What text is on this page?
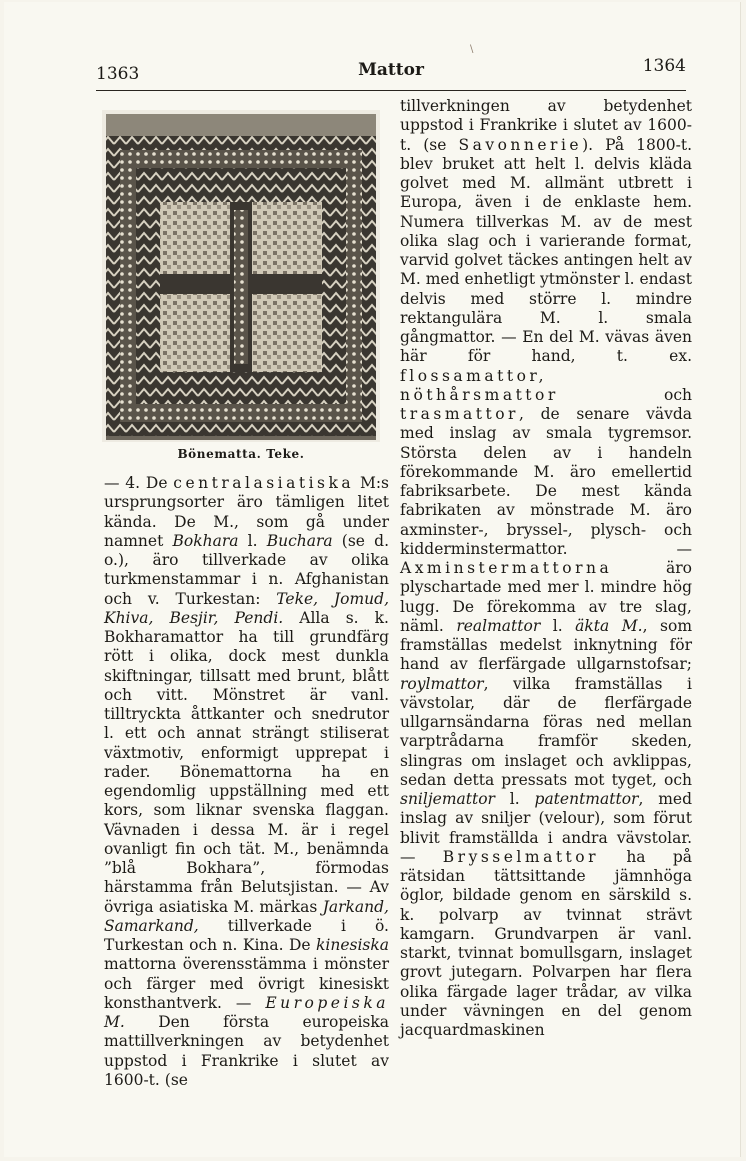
\
1363	Mattor	1364
Bönematta. Teke.

— 4. De centralasiatiska M:s ursprungsorter äro tämligen litet kända. De M., som gå under namnet Bokhara l. Buchara (se d. o.), äro tillverkade av olika turkmenstammar i n. Afghanistan och v. Turkestan: Teke, Jomud, Khiva, Besjir, Pendi. Alla s. k. Bokharamattor ha till grundfärg rött i olika, dock mest dunkla skiftningar, tillsatt med brunt, blått och vitt. Mönstret är vanl. tilltryckta åttkanter och snedrutor l. ett och annat strängt stiliserat växtmotiv, enformigt upprepat i rader. Bönemattorna ha en egendomlig uppställning med ett kors, som liknar svenska flaggan. Vävnaden i dessa M. är i regel ovanligt fin och tät. M., benämnda ”blå Bokhara”, förmodas härstamma från Belutsjistan. — Av övriga asiatiska M. märkas Jarkand, Samarkand, tillverkade i ö. Turkestan och n. Kina. De kinesiska mattorna överensstämma i mönster och färger med övrigt kinesiskt konsthantverk. — Europeiska M. Den första europeiska mattillverkningen av betydenhet uppstod i Frankrike i slutet av 1600-t. (se

tillverkningen av betydenhet uppstod i Frankrike i slutet av 1600-t. (se Savonnerie). På 1800-t. blev bruket att helt l. delvis kläda golvet med M. allmänt utbrett i Europa, även i de enklaste hem. Numera tillverkas M. av de mest olika slag och i varierande format, varvid golvet täckes antingen helt av M. med enhetligt ytmönster l. endast delvis med större l. mindre rektangulära M. l. smala gångmattor. — En del M. vävas även här för hand, t. ex. flossamattor, nöthårsmattor och trasmattor, de senare vävda med inslag av smala tygremsor. Största delen av i handeln förekommande M. äro emellertid fabriksarbete. De mest kända fabrikaten av mönstrade M. äro axminster-, bryssel-, plysch- och kidderminstermattor. — Axminstermattorna äro plyschartade med mer l. mindre hög lugg. De förekomma av tre slag, näml. realmattor l. äkta M., som framställas medelst inknytning för hand av flerfärgade ullgarnstofsar; roylmattor, vilka framställas i vävstolar, där de flerfärgade ullgarnsändarna föras ned mellan varptrådarna framför skeden, slingras om inslaget och avklippas, sedan detta pressats mot tyget, och sniljemattor l. patentmattor, med inslag av sniljer (velour), som förut blivit framställda i andra vävstolar. — Brysselmattor ha på rätsidan tättsittande jämnhöga öglor, bildade genom en särskild s. k. polvarp av tvinnat strävt kamgarn. Grundvarpen är vanl. starkt, tvinnat bomullsgarn, inslaget grovt jutegarn. Polvarpen har flera olika färgade lager trådar, av vilka under vävningen en del genom jacquardmaskinen
